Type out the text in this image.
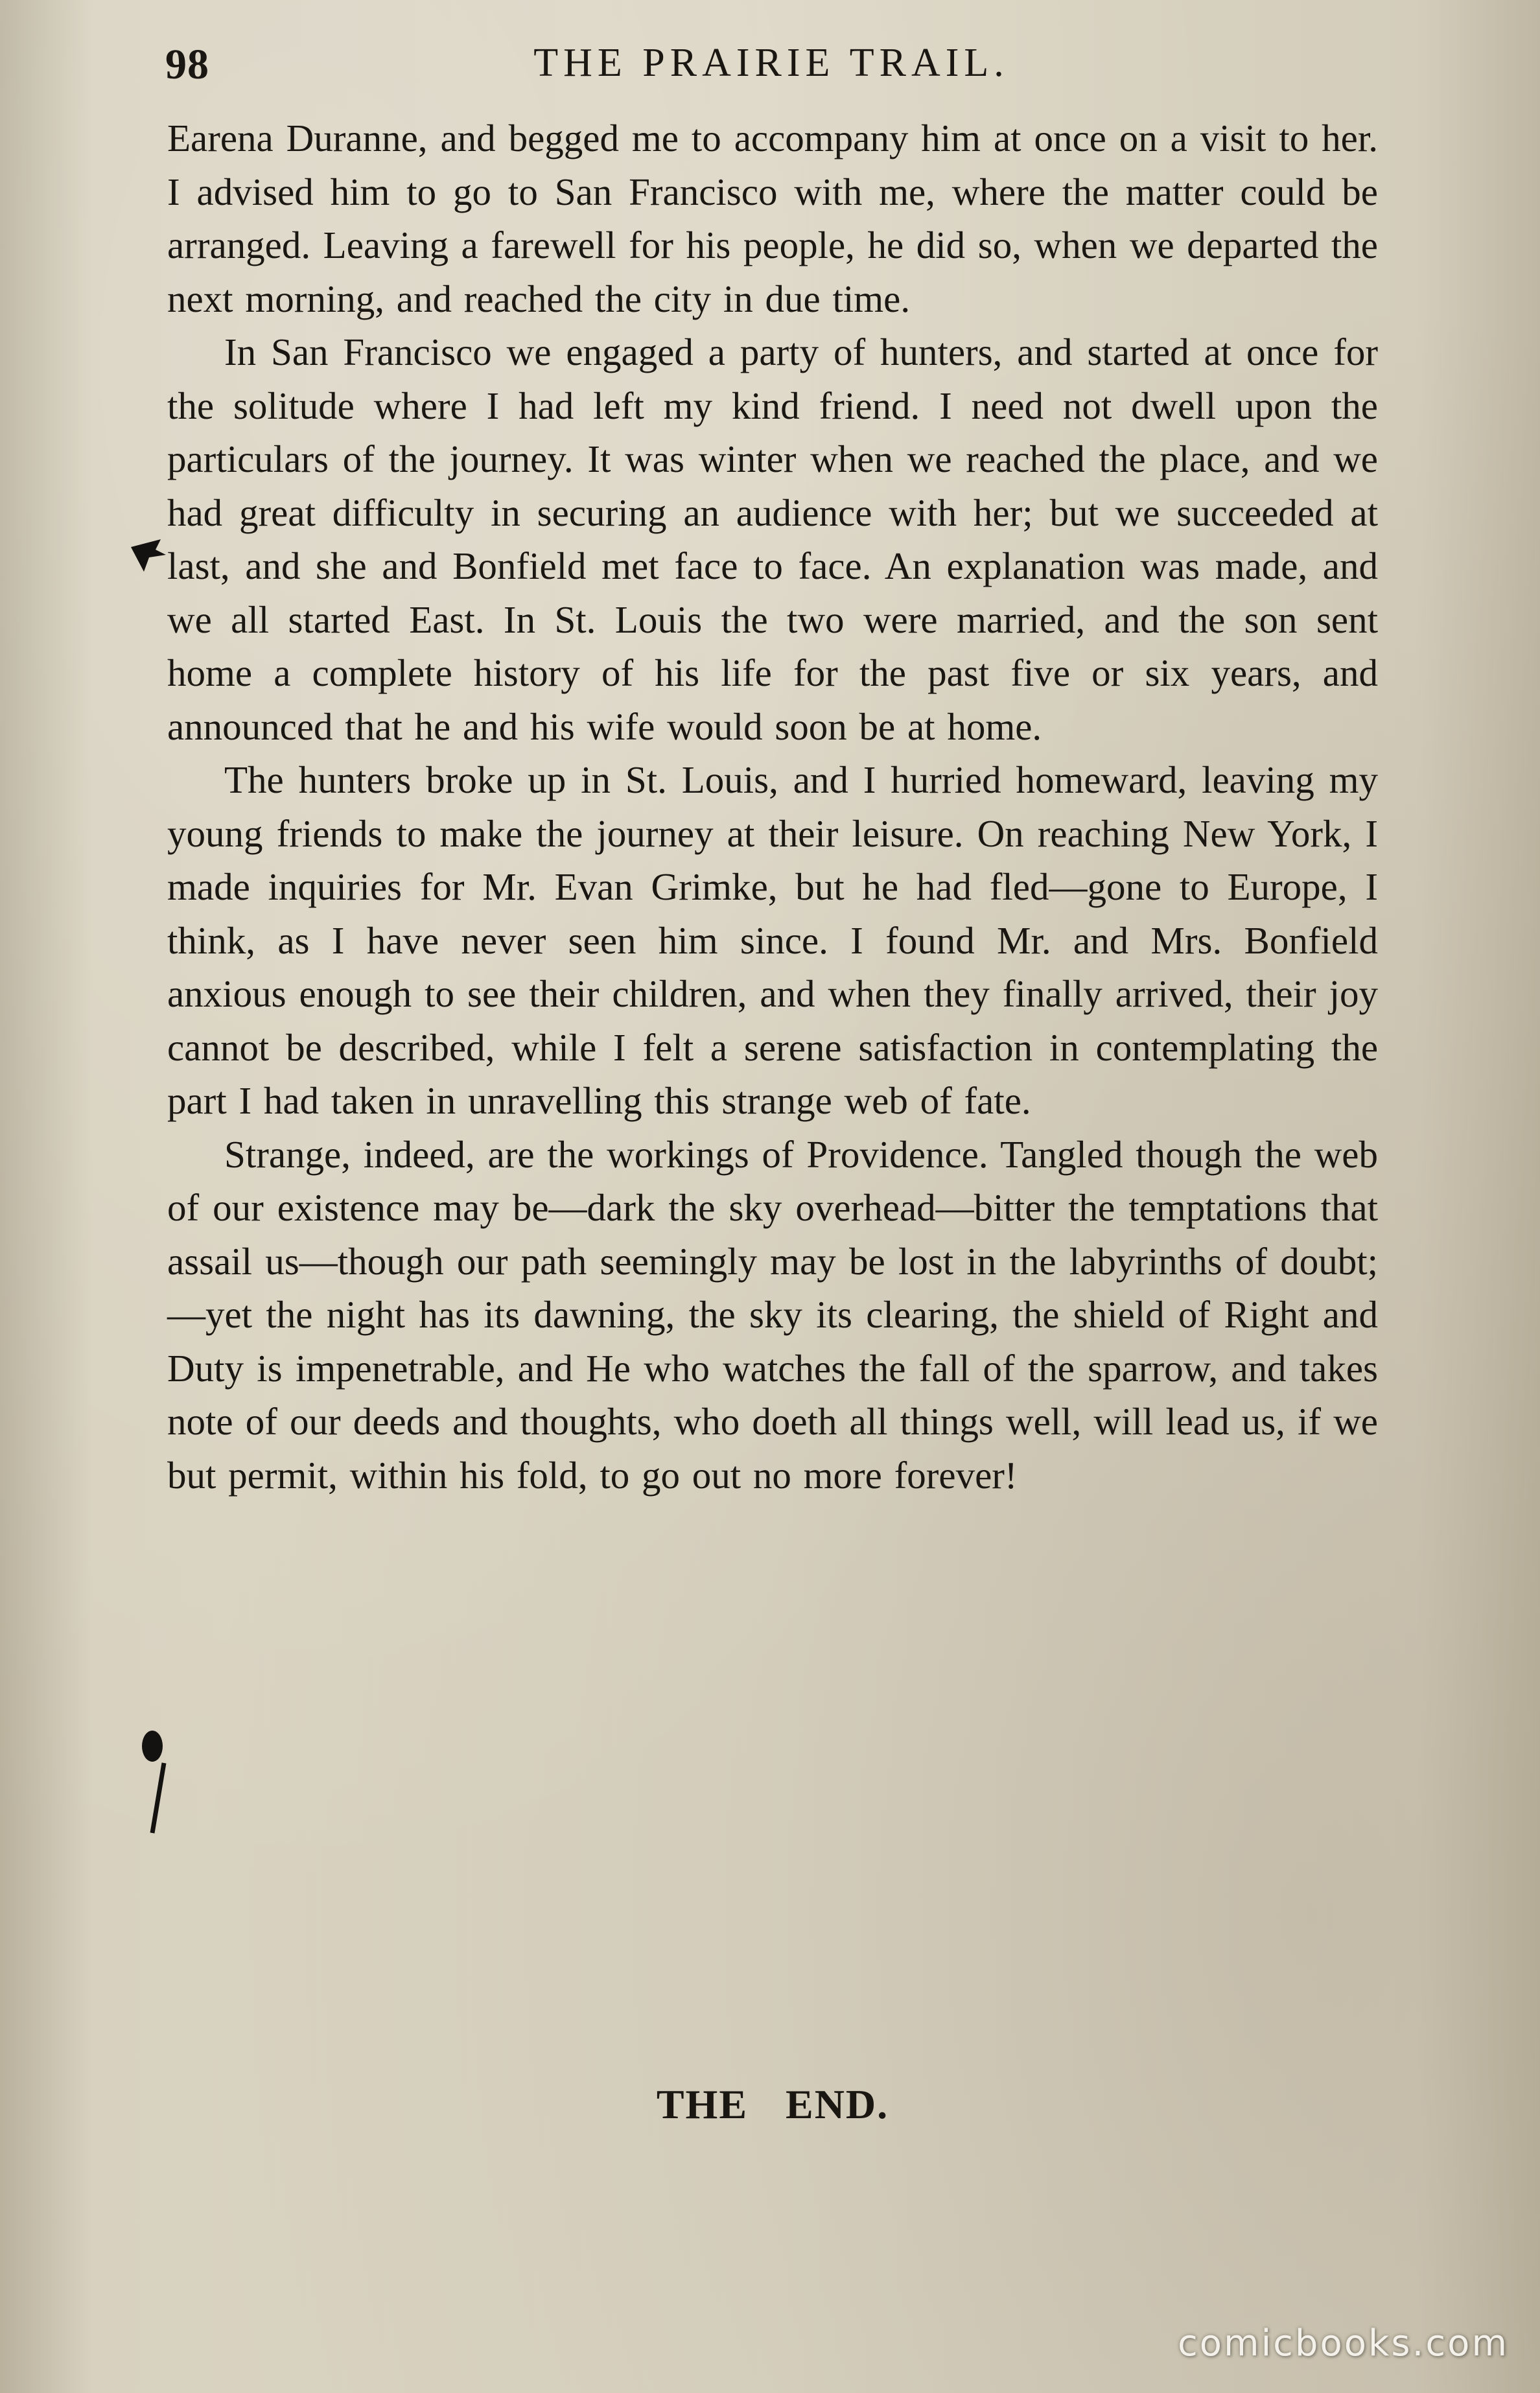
98	THE PRAIRIE TRAIL.

Earena Duranne, and begged me to accompany him at once on a visit to her. I advised him to go to San Francisco with me, where the matter could be arranged. Leaving a farewell for his people, he did so, when we departed the next morning, and reached the city in due time.

In San Francisco we engaged a party of hunters, and started at once for the solitude where I had left my kind friend. I need not dwell upon the particulars of the journey. It was winter when we reached the place, and we had great difficulty in securing an audience with her; but we succeeded at last, and she and Bonfield met face to face. An explanation was made, and we all started East. In St. Louis the two were married, and the son sent home a complete history of his life for the past five or six years, and announced that he and his wife would soon be at home.

The hunters broke up in St. Louis, and I hurried homeward, leaving my young friends to make the journey at their leisure. On reaching New York, I made inquiries for Mr. Evan Grimke, but he had fled—gone to Europe, I think, as I have never seen him since. I found Mr. and Mrs. Bonfield anxious enough to see their children, and when they finally arrived, their joy cannot be described, while I felt a serene satisfaction in contemplating the part I had taken in unravelling this strange web of fate.

Strange, indeed, are the workings of Providence. Tangled though the web of our existence may be—dark the sky overhead—bitter the temptations that assail us—though our path seemingly may be lost in the labyrinths of doubt;—yet the night has its dawning, the sky its clearing, the shield of Right and Duty is impenetrable, and He who watches the fall of the sparrow, and takes note of our deeds and thoughts, who doeth all things well, will lead us, if we but permit, within his fold, to go out no more forever!

THE END.
comicbooks.com
